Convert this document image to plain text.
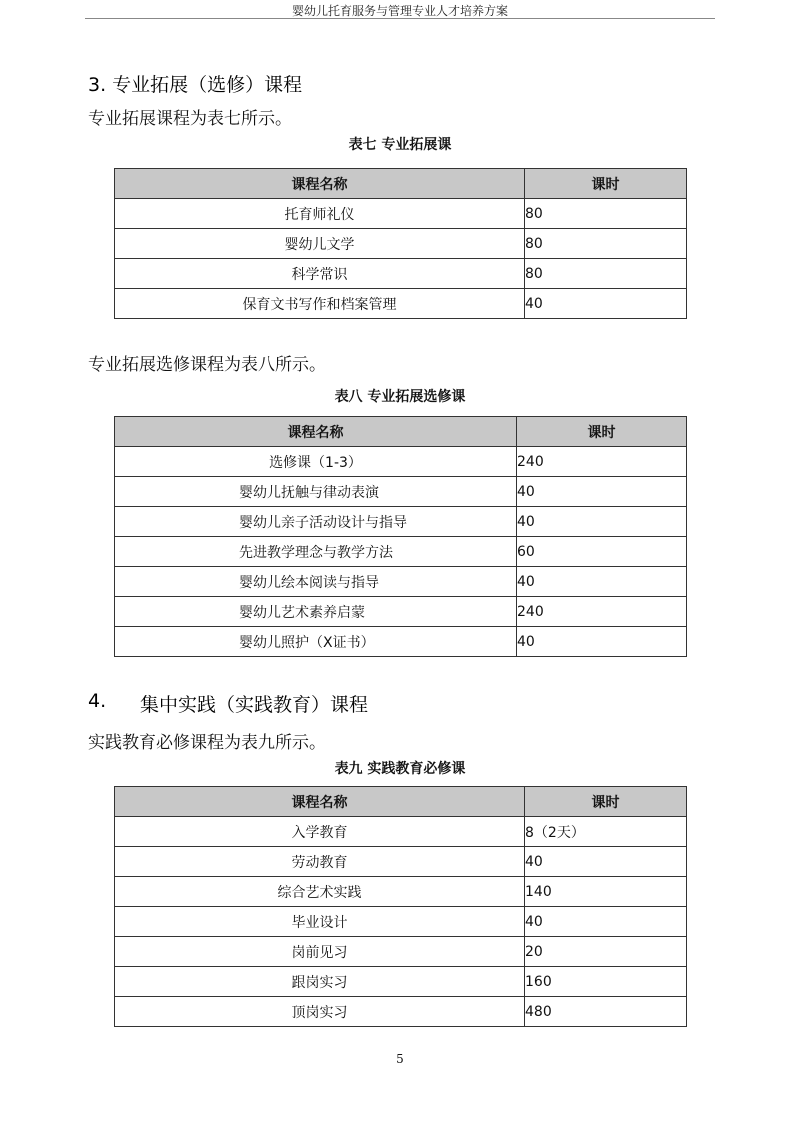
婴幼儿托育服务与管理专业人才培养方案
3. 专业拓展（选修）课程
专业拓展课程为表七所示。
表七 专业拓展课
课程名称	课时
托育师礼仪	80
婴幼儿文学	80
科学常识	80
保育文书写作和档案管理	40
专业拓展选修课程为表八所示。
表八 专业拓展选修课
课程名称	课时
选修课（1-3）	240
婴幼儿抚触与律动表演	40
婴幼儿亲子活动设计与指导	40
先进教学理念与教学方法	60
婴幼儿绘本阅读与指导	40
婴幼儿艺术素养启蒙	240
婴幼儿照护（X证书）	40
4. 集中实践（实践教育）课程
实践教育必修课程为表九所示。
表九 实践教育必修课
课程名称	课时
入学教育	8（2天）
劳动教育	40
综合艺术实践	140
毕业设计	40
岗前见习	20
跟岗实习	160
顶岗实习	480
5
